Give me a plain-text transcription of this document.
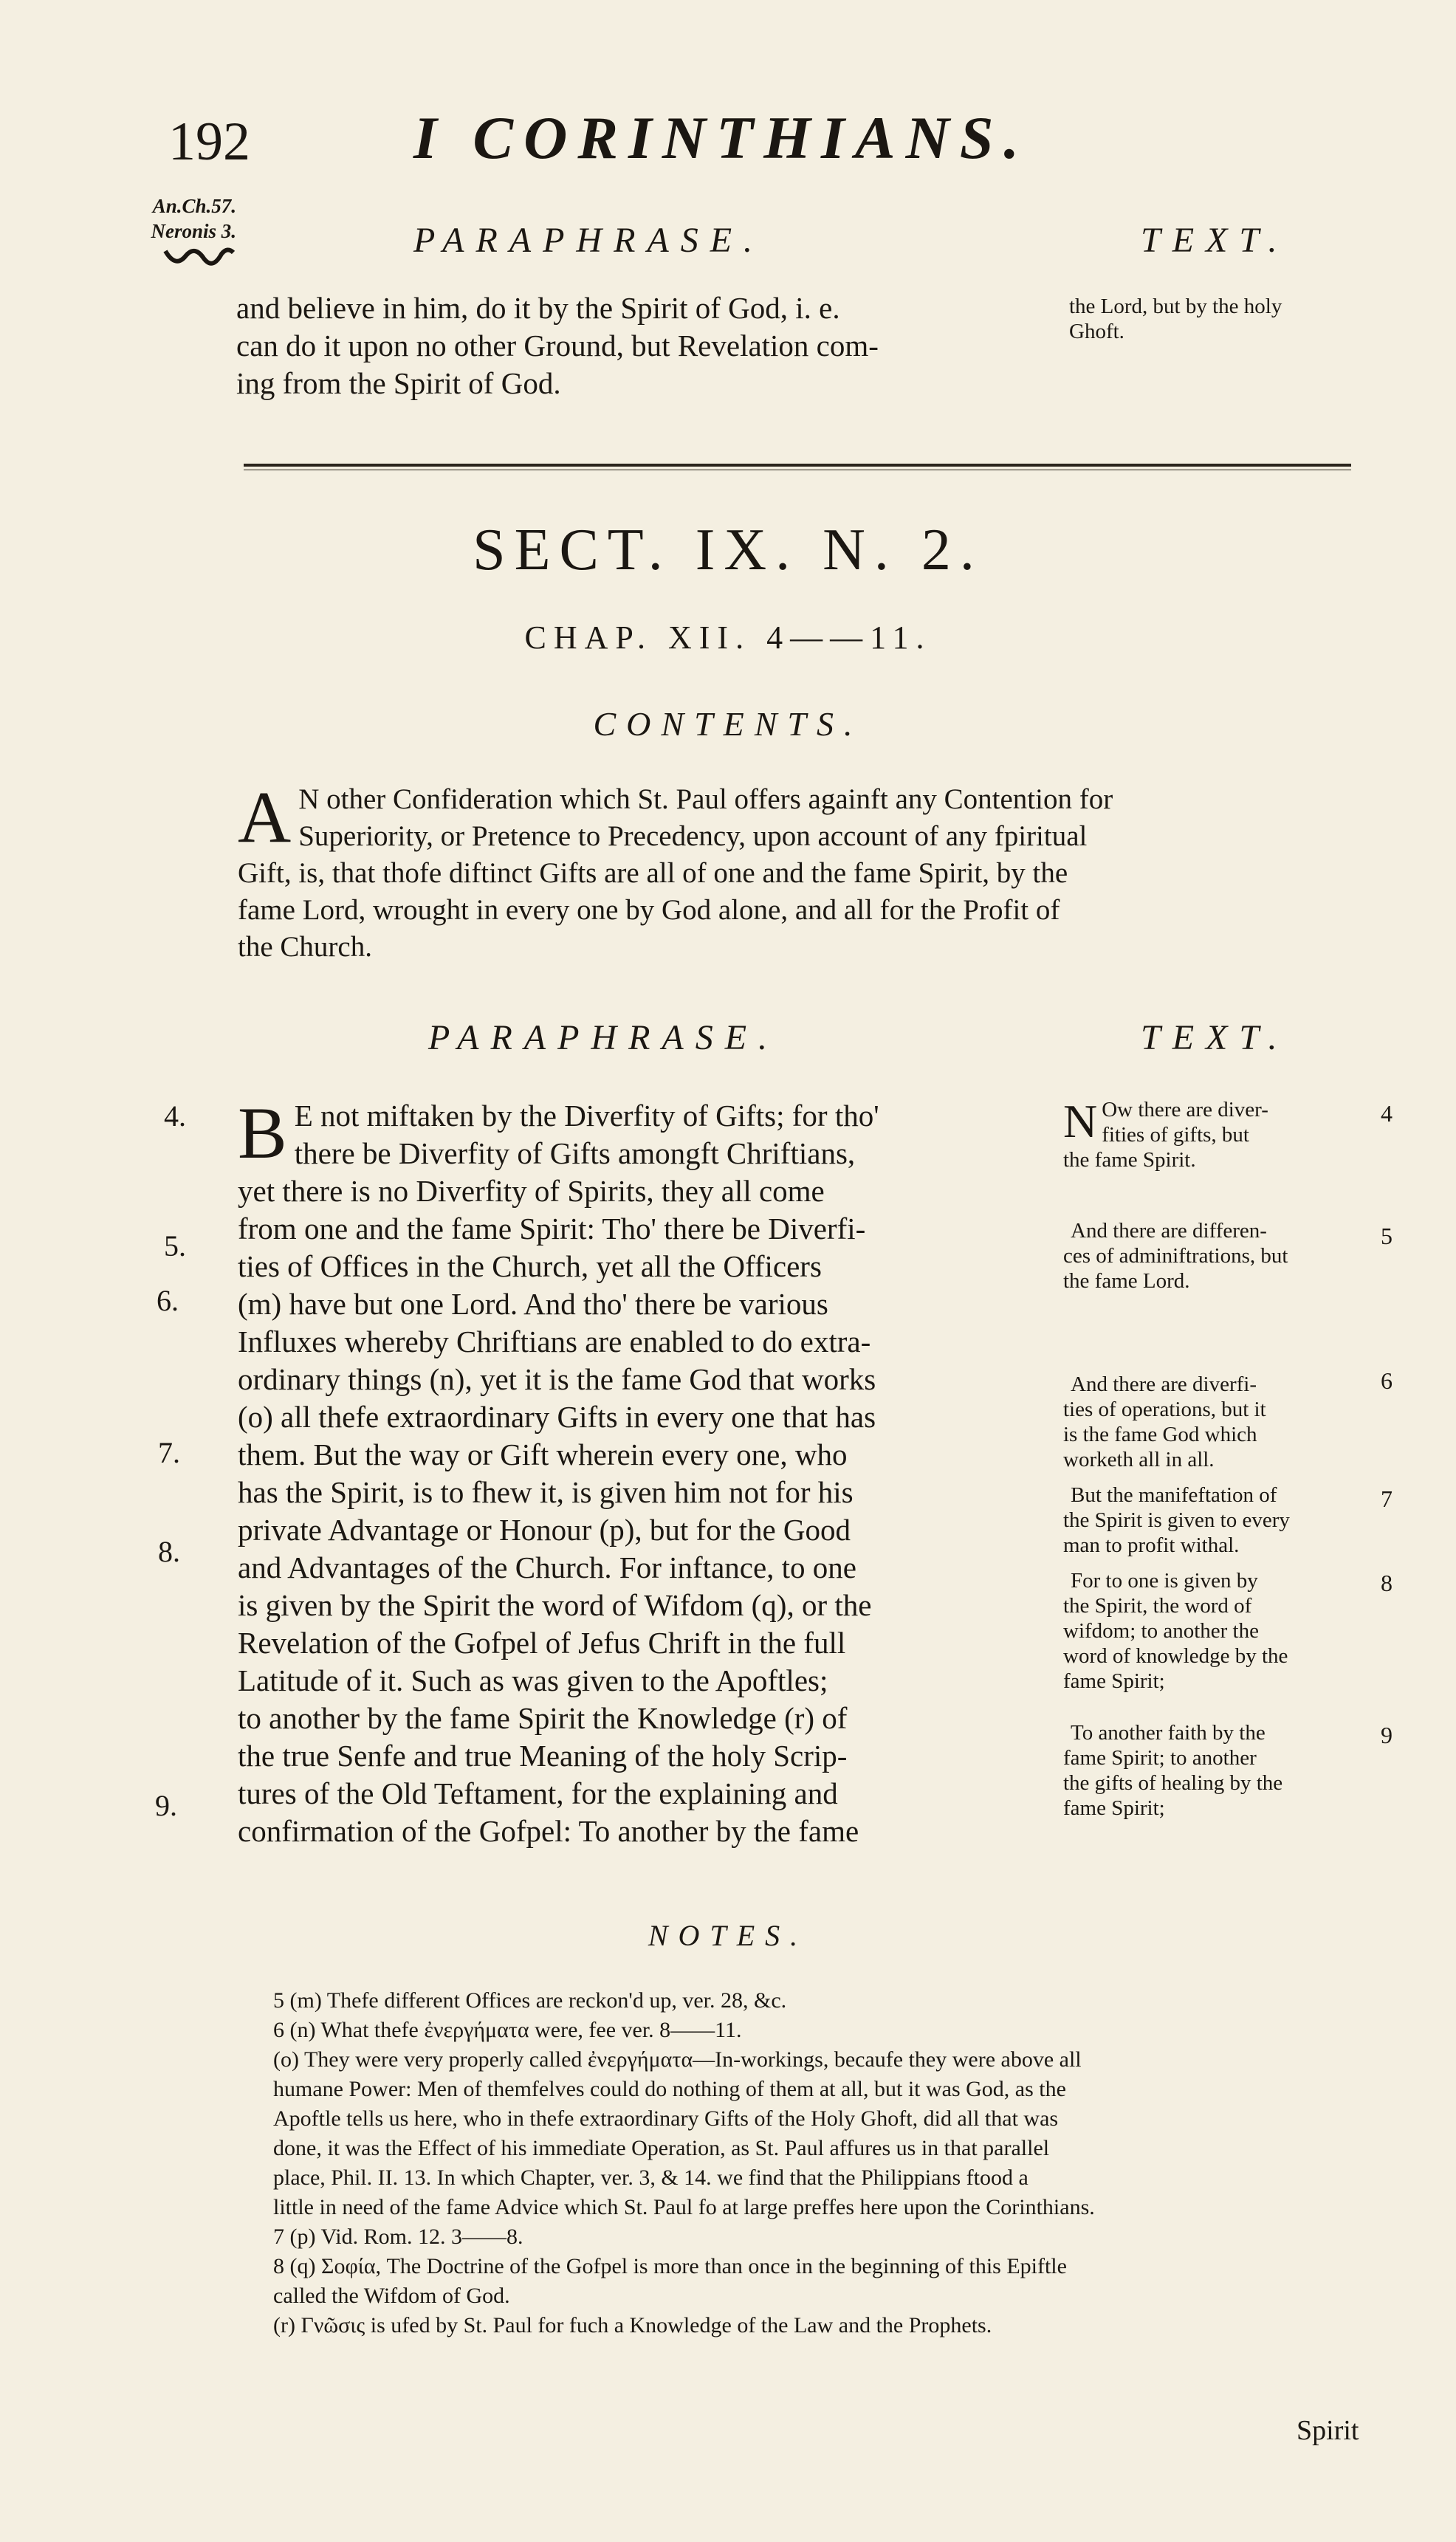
192	I CORINTHIANS.
An.Ch.57.
Neronis 3.	PARAPHRASE.	TEXT.
and believe in him, do it by the Spirit of God, i. e.
can do it upon no other Ground, but Revelation com-
ing from the Spirit of God.
the Lord, but by the holy
Ghoft.
SECT. IX. N. 2.
CHAP. XII. 4——11.
CONTENTS.
A N other Confideration which St. Paul offers againft any Contention for
Superiority, or Pretence to Precedency, upon account of any fpiritual
Gift, is, that thofe diftinct Gifts are all of one and the fame Spirit, by the
fame Lord, wrought in every one by God alone, and all for the Profit of
the Church.
PARAPHRASE.	TEXT.
4.
5.
6.
7.
8.
9.
B E not miftaken by the Diverfity of Gifts; for tho'
there be Diverfity of Gifts amongft Chriftians,
yet there is no Diverfity of Spirits, they all come
from one and the fame Spirit: Tho' there be Diverfi-
ties of Offices in the Church, yet all the Officers
(m) have but one Lord. And tho' there be various
Influxes whereby Chriftians are enabled to do extra-
ordinary things (n), yet it is the fame God that works
(o) all thefe extraordinary Gifts in every one that has
them. But the way or Gift wherein every one, who
has the Spirit, is to fhew it, is given him not for his
private Advantage or Honour (p), but for the Good
and Advantages of the Church. For inftance, to one
is given by the Spirit the word of Wifdom (q), or the
Revelation of the Gofpel of Jefus Chrift in the full
Latitude of it. Such as was given to the Apoftles;
to another by the fame Spirit the Knowledge (r) of
the true Senfe and true Meaning of the holy Scrip-
tures of the Old Teftament, for the explaining and
confirmation of the Gofpel: To another by the fame
N Ow there are diver-
fities of gifts, but
the fame Spirit.
4
And there are differen-
ces of adminiftrations, but
the fame Lord.
5
And there are diverfi-
ties of operations, but it
is the fame God which
worketh all in all.
6
But the manifeftation of
the Spirit is given to every
man to profit withal.
7
For to one is given by
the Spirit, the word of
wifdom; to another the
word of knowledge by the
fame Spirit;
8
To another faith by the
fame Spirit; to another
the gifts of healing by the
fame Spirit;
9
NOTES.

5 (m) Thefe different Offices are reckon'd up, ver. 28, &c.

6 (n) What thefe ἐνεργήματα were, fee ver. 8——11.

(o) They were very properly called ἐνεργήματα—In-workings, becaufe they were above all

humane Power: Men of themfelves could do nothing of them at all, but it was God, as the

Apoftle tells us here, who in thefe extraordinary Gifts of the Holy Ghoft, did all that was

done, it was the Effect of his immediate Operation, as St. Paul affures us in that parallel

place, Phil. II. 13. In which Chapter, ver. 3, & 14. we find that the Philippians ftood a

little in need of the fame Advice which St. Paul fo at large preffes here upon the Corinthians.

7 (p) Vid. Rom. 12. 3——8.

8 (q) Σοφία, The Doctrine of the Gofpel is more than once in the beginning of this Epiftle

called the Wifdom of God.

(r) Γνῶσις is ufed by St. Paul for fuch a Knowledge of the Law and the Prophets.

Spirit
